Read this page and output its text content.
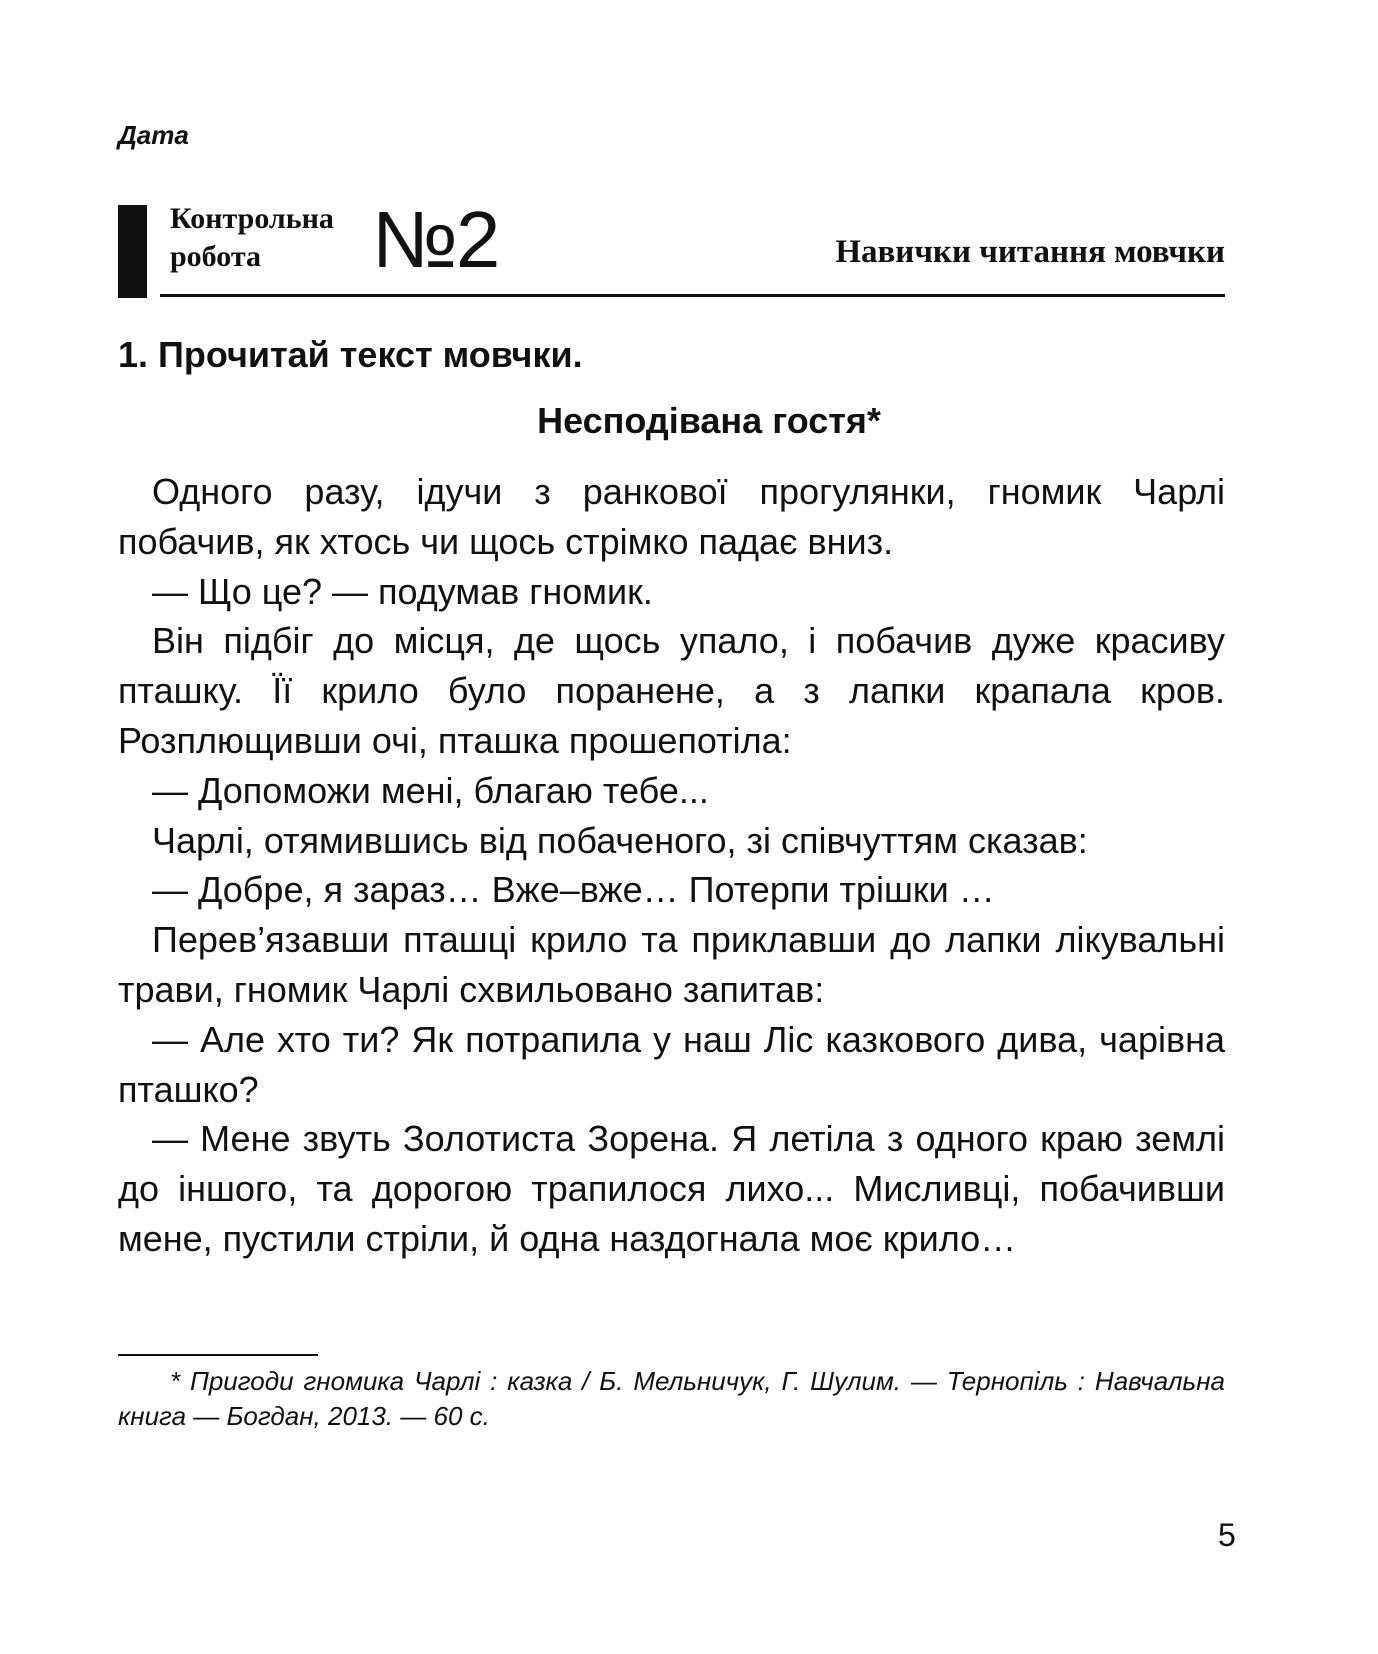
Дата
Контрольна
робота	№2	Навички читання мовчки
1. Прочитай текст мовчки.
Несподівана гостя*

Одного разу, ідучи з ранкової прогулянки, гномик Чарлі побачив, як хтось чи щось стрімко падає вниз.

— Що це? — подумав гномик.

Він підбіг до місця, де щось упало, і побачив дуже красиву пташку. Її крило було поранене, а з лапки крапала кров. Розплющивши очі, пташка прошепотіла:

— Допоможи мені, благаю тебе...

Чарлі, отямившись від побаченого, зі співчуттям сказав:

— Добре, я зараз… Вже–вже… Потерпи трішки …

Перев’язавши пташці крило та приклавши до лапки лікувальні трави, гномик Чарлі схвильовано запитав:

— Але хто ти? Як потрапила у наш Ліс казкового дива, чарівна пташко?

— Мене звуть Золотиста Зорена. Я летіла з одного краю землі до іншого, та дорогою трапилося лихо... Мисливці, побачивши мене, пустили стріли, й одна наздогнала моє крило…

* Пригоди гномика Чарлі : казка / Б. Мельничук, Г. Шулим. — Тернопіль : Навчальна книга — Богдан, 2013. — 60 с.

5
